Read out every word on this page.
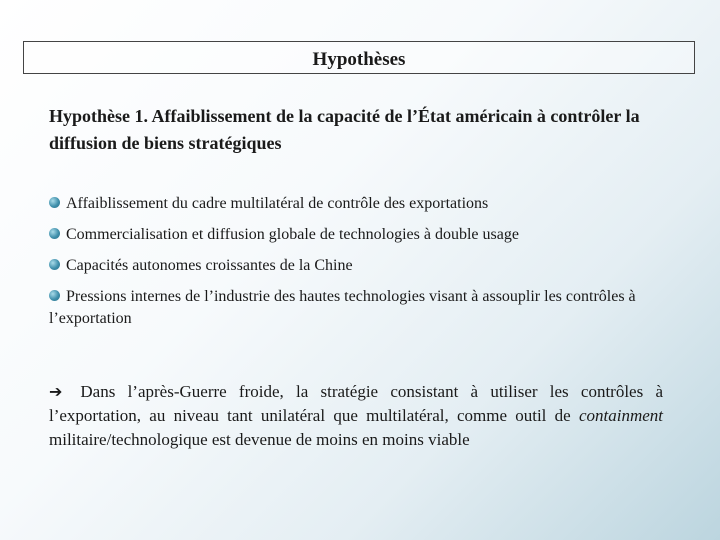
Hypothèses
Hypothèse 1. Affaiblissement de la capacité de l’État américain à contrôler la diffusion de biens stratégiques
Affaiblissement du cadre multilatéral de contrôle des exportations
Commercialisation et diffusion globale de technologies à double usage
Capacités autonomes croissantes de la Chine
Pressions internes de l’industrie des hautes technologies visant à assouplir les contrôles à l’exportation
➔ Dans l’après-Guerre froide, la stratégie consistant à utiliser les contrôles à l’exportation, au niveau tant unilatéral que multilatéral, comme outil de containment militaire/technologique est devenue de moins en moins viable
